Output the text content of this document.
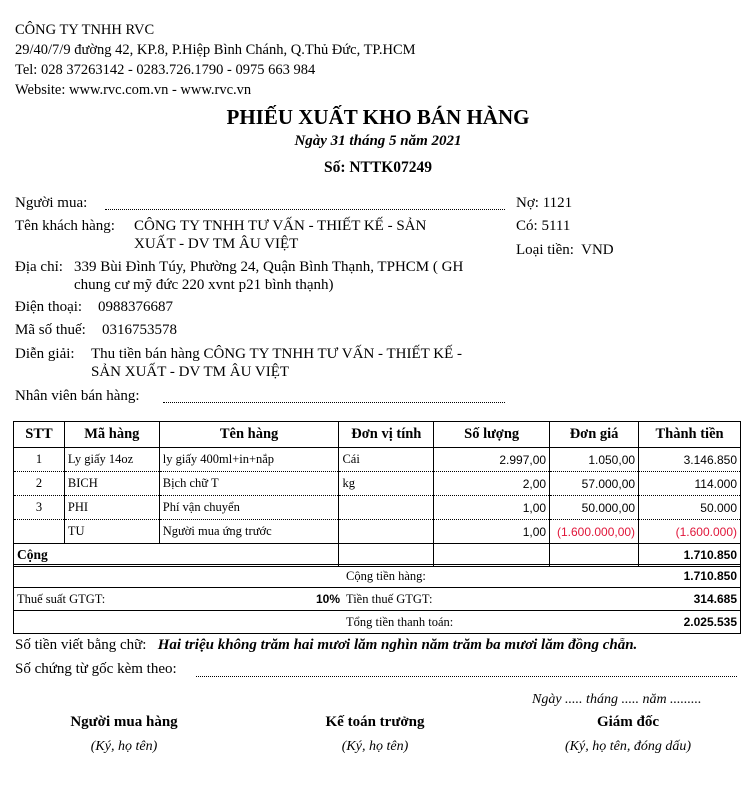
CÔNG TY TNHH RVC
29/40/7/9 đường 42, KP.8, P.Hiệp Bình Chánh, Q.Thủ Đức, TP.HCM
Tel: 028 37263142 - 0283.726.1790 - 0975 663 984
Website: www.rvc.com.vn - www.rvc.vn
PHIẾU XUẤT KHO BÁN HÀNG
Ngày 31 tháng 5 năm 2021
Số: NTTK07249
Người mua:
Tên khách hàng: CÔNG TY TNHH TƯ VẤN - THIẾT KẾ - SẢN
XUẤT - DV TM ÂU VIỆT
Địa chỉ: 339 Bùi Đình Túy, Phường 24, Quận Bình Thạnh, TPHCM ( GH
chung cư mỹ đức 220 xvnt p21 bình thạnh)
Điện thoại: 0988376687
Mã số thuế: 0316753578
Diễn giải: Thu tiền bán hàng CÔNG TY TNHH TƯ VẤN - THIẾT KẾ -
SẢN XUẤT - DV TM ÂU VIỆT
Nhân viên bán hàng:
Nợ: 1121
Có: 5111
Loại tiền: VND
STT	Mã hàng	Tên hàng	Đơn vị tính	Số lượng	Đơn giá	Thành tiền
1	Ly giấy 14oz	ly giấy 400ml+in+nắp	Cái	2.997,00	1.050,00	3.146.850
2	BICH	Bịch chữ T	kg	2,00	57.000,00	114.000
3	PHI	Phí vận chuyển		1,00	50.000,00	50.000
	TU	Người mua ứng trước		1,00	(1.600.000,00)	(1.600.000)
Cộng						1.710.850
	Cộng tiền hàng:	1.710.850
Thuế suất GTGT: 10%	Tiền thuế GTGT:	314.685
	Tổng tiền thanh toán:	2.025.535
Số tiền viết bằng chữ: Hai triệu không trăm hai mươi lăm nghìn năm trăm ba mươi lăm đồng chẵn.
Số chứng từ gốc kèm theo:
Ngày ..... tháng ..... năm .........
Người mua hàng
(Ký, họ tên)
Kế toán trưởng
(Ký, họ tên)
Giám đốc
(Ký, họ tên, đóng dấu)
